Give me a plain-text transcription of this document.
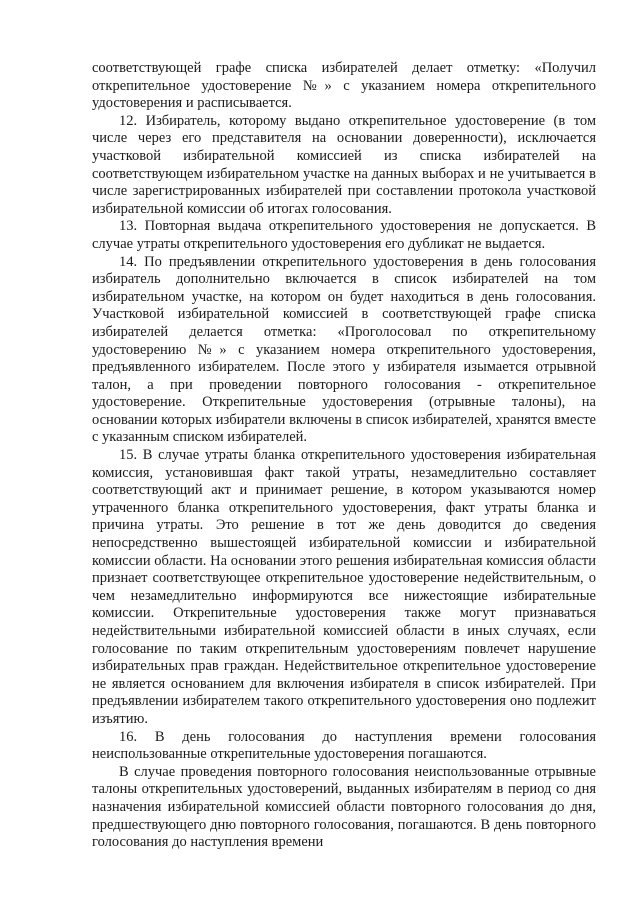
соответствующей графе списка избирателей делает отметку: «Получил открепительное удостоверение №» с указанием номера открепительного удостоверения и расписывается.

12. Избиратель, которому выдано открепительное удостоверение (в том числе через его представителя на основании доверенности), исключается участковой избирательной комиссией из списка избирателей на соответствующем избирательном участке на данных выборах и не учитывается в числе зарегистрированных избирателей при составлении протокола участковой избирательной комиссии об итогах голосования.

13. Повторная выдача открепительного удостоверения не допускается. В случае утраты открепительного удостоверения его дубликат не выдается.

14. По предъявлении открепительного удостоверения в день голосования избиратель дополнительно включается в список избирателей на том избирательном участке, на котором он будет находиться в день голосования. Участковой избирательной комиссией в соответствующей графе списка избирателей делается отметка: «Проголосовал по открепительному удостоверению №» с указанием номера открепительного удостоверения, предъявленного избирателем. После этого у избирателя изымается отрывной талон, а при проведении повторного голосования - открепительное удостоверение. Открепительные удостоверения (отрывные талоны), на основании которых избиратели включены в список избирателей, хранятся вместе с указанным списком избирателей.

15. В случае утраты бланка открепительного удостоверения избирательная комиссия, установившая факт такой утраты, незамедлительно составляет соответствующий акт и принимает решение, в котором указываются номер утраченного бланка открепительного удостоверения, факт утраты бланка и причина утраты. Это решение в тот же день доводится до сведения непосредственно вышестоящей избирательной комиссии и избирательной комиссии области. На основании этого решения избирательная комиссия области признает соответствующее открепительное удостоверение недействительным, о чем незамедлительно информируются все нижестоящие избирательные комиссии. Открепительные удостоверения также могут признаваться недействительными избирательной комиссией области в иных случаях, если голосование по таким открепительным удостоверениям повлечет нарушение избирательных прав граждан. Недействительное открепительное удостоверение не является основанием для включения избирателя в список избирателей. При предъявлении избирателем такого открепительного удостоверения оно подлежит изъятию.

16. В день голосования до наступления времени голосования неиспользованные открепительные удостоверения погашаются.

В случае проведения повторного голосования неиспользованные отрывные талоны открепительных удостоверений, выданных избирателям в период со дня назначения избирательной комиссией области повторного голосования до дня, предшествующего дню повторного голосования, погашаются. В день повторного голосования до наступления времени
